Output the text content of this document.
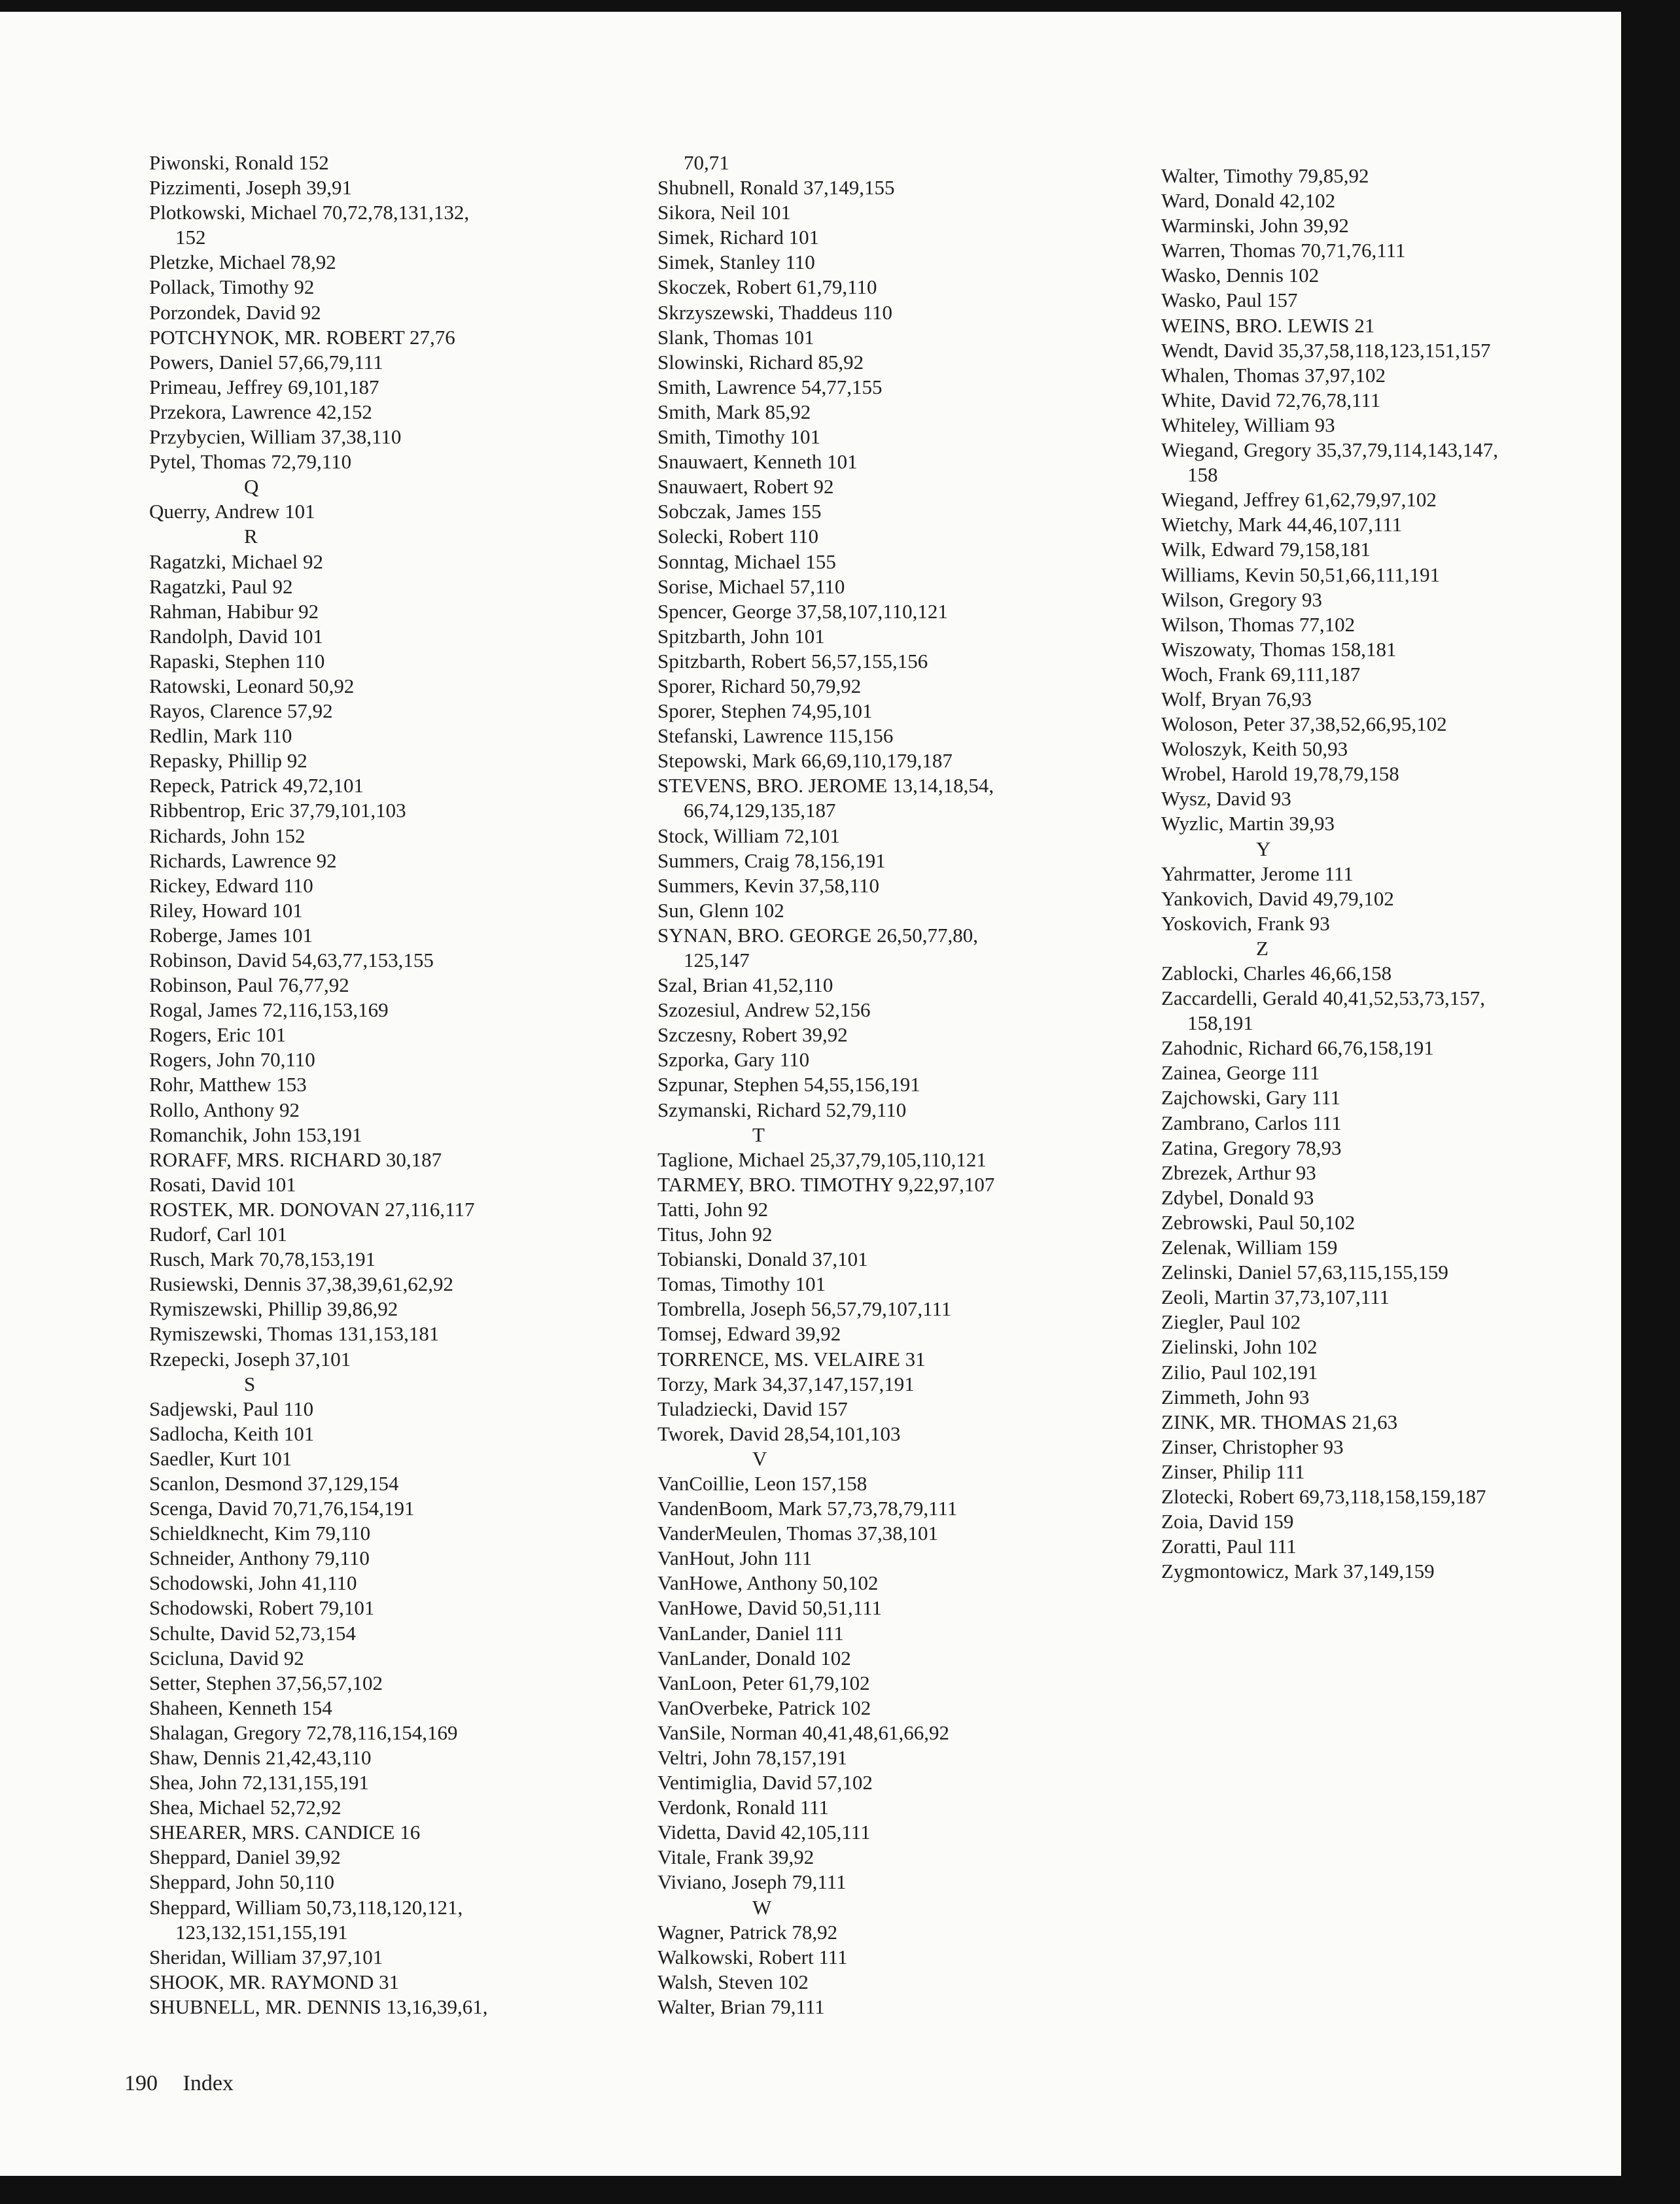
Piwonski, Ronald 152
Pizzimenti, Joseph 39,91
Plotkowski, Michael 70,72,78,131,132,
152
Pletzke, Michael 78,92
Pollack, Timothy 92
Porzondek, David 92
POTCHYNOK, MR. ROBERT 27,76
Powers, Daniel 57,66,79,111
Primeau, Jeffrey 69,101,187
Przekora, Lawrence 42,152
Przybycien, William 37,38,110
Pytel, Thomas 72,79,110
Q
Querry, Andrew 101
R
Ragatzki, Michael 92
Ragatzki, Paul 92
Rahman, Habibur 92
Randolph, David 101
Rapaski, Stephen 110
Ratowski, Leonard 50,92
Rayos, Clarence 57,92
Redlin, Mark 110
Repasky, Phillip 92
Repeck, Patrick 49,72,101
Ribbentrop, Eric 37,79,101,103
Richards, John 152
Richards, Lawrence 92
Rickey, Edward 110
Riley, Howard 101
Roberge, James 101
Robinson, David 54,63,77,153,155
Robinson, Paul 76,77,92
Rogal, James 72,116,153,169
Rogers, Eric 101
Rogers, John 70,110
Rohr, Matthew 153
Rollo, Anthony 92
Romanchik, John 153,191
RORAFF, MRS. RICHARD 30,187
Rosati, David 101
ROSTEK, MR. DONOVAN 27,116,117
Rudorf, Carl 101
Rusch, Mark 70,78,153,191
Rusiewski, Dennis 37,38,39,61,62,92
Rymiszewski, Phillip 39,86,92
Rymiszewski, Thomas 131,153,181
Rzepecki, Joseph 37,101
S
Sadjewski, Paul 110
Sadlocha, Keith 101
Saedler, Kurt 101
Scanlon, Desmond 37,129,154
Scenga, David 70,71,76,154,191
Schieldknecht, Kim 79,110
Schneider, Anthony 79,110
Schodowski, John 41,110
Schodowski, Robert 79,101
Schulte, David 52,73,154
Scicluna, David 92
Setter, Stephen 37,56,57,102
Shaheen, Kenneth 154
Shalagan, Gregory 72,78,116,154,169
Shaw, Dennis 21,42,43,110
Shea, John 72,131,155,191
Shea, Michael 52,72,92
SHEARER, MRS. CANDICE 16
Sheppard, Daniel 39,92
Sheppard, John 50,110
Sheppard, William 50,73,118,120,121,
123,132,151,155,191
Sheridan, William 37,97,101
SHOOK, MR. RAYMOND 31
SHUBNELL, MR. DENNIS 13,16,39,61,
70,71
Shubnell, Ronald 37,149,155
Sikora, Neil 101
Simek, Richard 101
Simek, Stanley 110
Skoczek, Robert 61,79,110
Skrzyszewski, Thaddeus 110
Slank, Thomas 101
Slowinski, Richard 85,92
Smith, Lawrence 54,77,155
Smith, Mark 85,92
Smith, Timothy 101
Snauwaert, Kenneth 101
Snauwaert, Robert 92
Sobczak, James 155
Solecki, Robert 110
Sonntag, Michael 155
Sorise, Michael 57,110
Spencer, George 37,58,107,110,121
Spitzbarth, John 101
Spitzbarth, Robert 56,57,155,156
Sporer, Richard 50,79,92
Sporer, Stephen 74,95,101
Stefanski, Lawrence 115,156
Stepowski, Mark 66,69,110,179,187
STEVENS, BRO. JEROME 13,14,18,54,
66,74,129,135,187
Stock, William 72,101
Summers, Craig 78,156,191
Summers, Kevin 37,58,110
Sun, Glenn 102
SYNAN, BRO. GEORGE 26,50,77,80,
125,147
Szal, Brian 41,52,110
Szozesiul, Andrew 52,156
Szczesny, Robert 39,92
Szporka, Gary 110
Szpunar, Stephen 54,55,156,191
Szymanski, Richard 52,79,110
T
Taglione, Michael 25,37,79,105,110,121
TARMEY, BRO. TIMOTHY 9,22,97,107
Tatti, John 92
Titus, John 92
Tobianski, Donald 37,101
Tomas, Timothy 101
Tombrella, Joseph 56,57,79,107,111
Tomsej, Edward 39,92
TORRENCE, MS. VELAIRE 31
Torzy, Mark 34,37,147,157,191
Tuladziecki, David 157
Tworek, David 28,54,101,103
V
VanCoillie, Leon 157,158
VandenBoom, Mark 57,73,78,79,111
VanderMeulen, Thomas 37,38,101
VanHout, John 111
VanHowe, Anthony 50,102
VanHowe, David 50,51,111
VanLander, Daniel 111
VanLander, Donald 102
VanLoon, Peter 61,79,102
VanOverbeke, Patrick 102
VanSile, Norman 40,41,48,61,66,92
Veltri, John 78,157,191
Ventimiglia, David 57,102
Verdonk, Ronald 111
Videtta, David 42,105,111
Vitale, Frank 39,92
Viviano, Joseph 79,111
W
Wagner, Patrick 78,92
Walkowski, Robert 111
Walsh, Steven 102
Walter, Brian 79,111
Walter, Timothy 79,85,92
Ward, Donald 42,102
Warminski, John 39,92
Warren, Thomas 70,71,76,111
Wasko, Dennis 102
Wasko, Paul 157
WEINS, BRO. LEWIS 21
Wendt, David 35,37,58,118,123,151,157
Whalen, Thomas 37,97,102
White, David 72,76,78,111
Whiteley, William 93
Wiegand, Gregory 35,37,79,114,143,147,
158
Wiegand, Jeffrey 61,62,79,97,102
Wietchy, Mark 44,46,107,111
Wilk, Edward 79,158,181
Williams, Kevin 50,51,66,111,191
Wilson, Gregory 93
Wilson, Thomas 77,102
Wiszowaty, Thomas 158,181
Woch, Frank 69,111,187
Wolf, Bryan 76,93
Woloson, Peter 37,38,52,66,95,102
Woloszyk, Keith 50,93
Wrobel, Harold 19,78,79,158
Wysz, David 93
Wyzlic, Martin 39,93
Y
Yahrmatter, Jerome 111
Yankovich, David 49,79,102
Yoskovich, Frank 93
Z
Zablocki, Charles 46,66,158
Zaccardelli, Gerald 40,41,52,53,73,157,
158,191
Zahodnic, Richard 66,76,158,191
Zainea, George 111
Zajchowski, Gary 111
Zambrano, Carlos 111
Zatina, Gregory 78,93
Zbrezek, Arthur 93
Zdybel, Donald 93
Zebrowski, Paul 50,102
Zelenak, William 159
Zelinski, Daniel 57,63,115,155,159
Zeoli, Martin 37,73,107,111
Ziegler, Paul 102
Zielinski, John 102
Zilio, Paul 102,191
Zimmeth, John 93
ZINK, MR. THOMAS 21,63
Zinser, Christopher 93
Zinser, Philip 111
Zlotecki, Robert 69,73,118,158,159,187
Zoia, David 159
Zoratti, Paul 111
Zygmontowicz, Mark 37,149,159
190 Index
